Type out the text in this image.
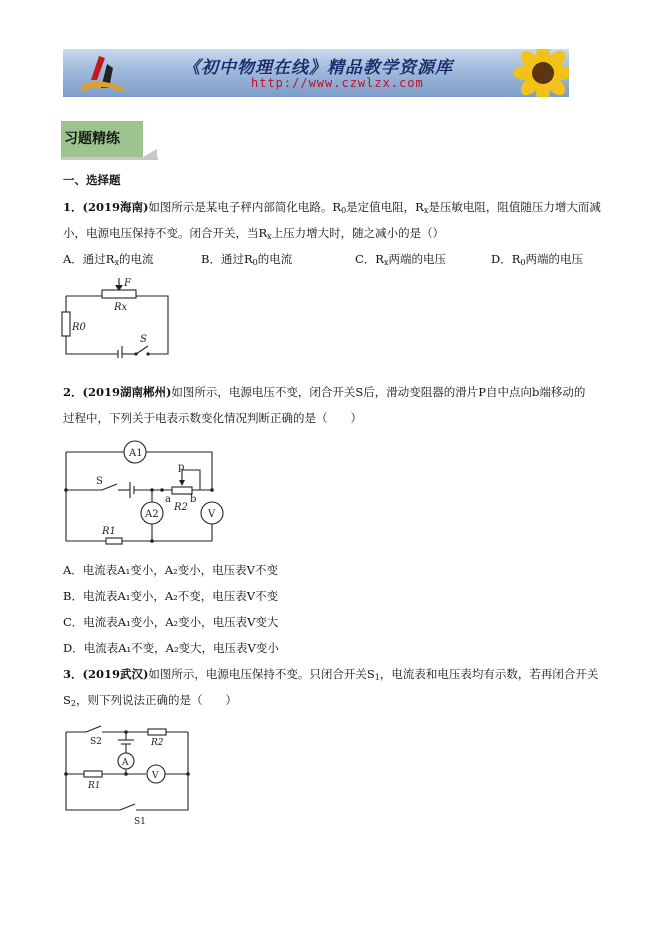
《初中物理在线》精品教学资源库
http://www.czwlzx.com
习题精练
一、选择题
1．(2019海南)如图所示是某电子秤内部简化电路。$R_0$是定值电阻，$R_x$是压敏电阻，阻值随压力增大而减
小，电源电压保持不变。闭合开关，当$R_x$上压力增大时，随之减小的是（）
A．通过$R_x$的电流	B．通过$R_0$的电流	C．$R_x$两端的电压	D．$R_0$两端的电压
F
Rx
R0
S
2．(2019湖南郴州)如图所示，电源电压不变，闭合开关S后，滑动变阻器的滑片P自中点向b端移动的
过程中，下列关于电表示数变化情况判断正确的是（　　）
A1
S
p
a b
R2
A2	V
R1
A．电流表A₁变小，A₂变小，电压表V不变
B．电流表A₁变小，A₂不变，电压表V不变
C．电流表A₁变小，A₂变小，电压表V变大
D．电流表A₁不变，A₂变大，电压表V变小
3．(2019武汉)如图所示，电源电压保持不变。只闭合开关$S_1$，电流表和电压表均有示数，若再闭合开关
$S_2$，则下列说法正确的是（　　）
S2	R2
A
V
R1
S1
